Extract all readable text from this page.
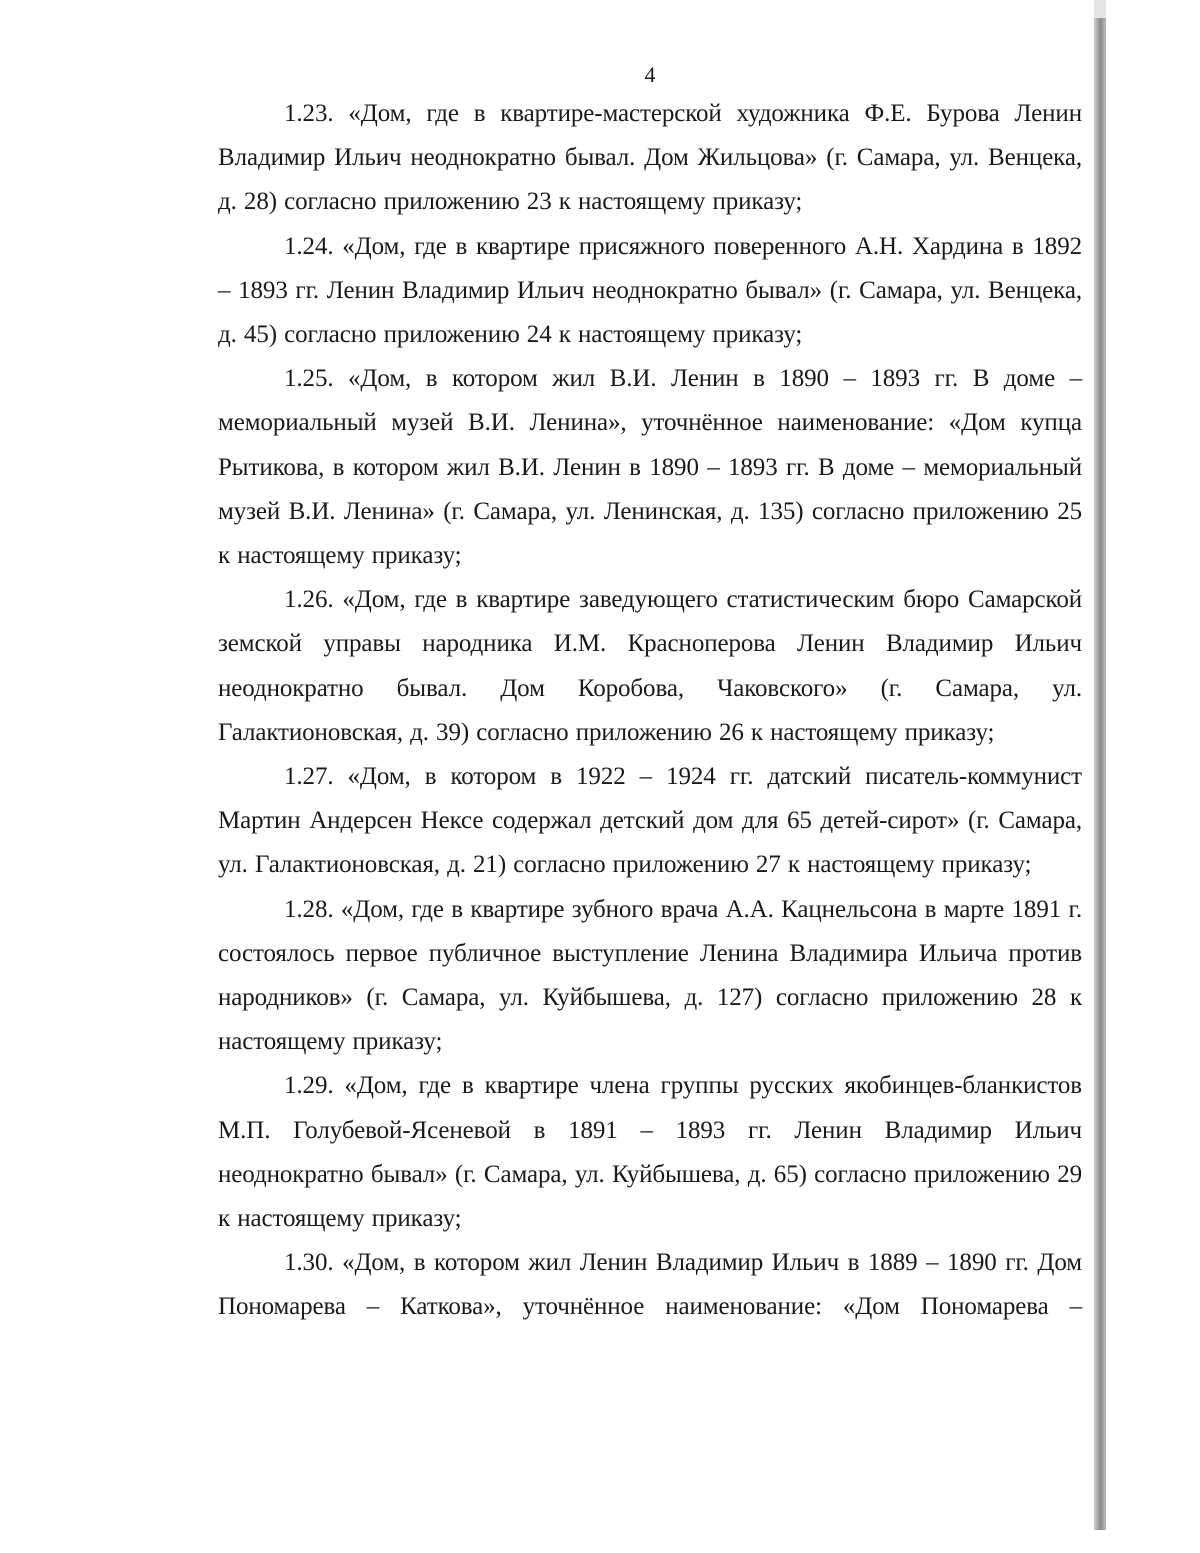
4

1.23. «Дом, где в квартире-мастерской художника Ф.Е. Бурова Ленин Владимир Ильич неоднократно бывал. Дом Жильцова» (г. Самара, ул. Венцека, д. 28) согласно приложению 23 к настоящему приказу;

1.24. «Дом, где в квартире присяжного поверенного А.Н. Хардина в 1892 – 1893 гг. Ленин Владимир Ильич неоднократно бывал» (г. Самара, ул. Венцека, д. 45) согласно приложению 24 к настоящему приказу;

1.25. «Дом, в котором жил В.И. Ленин в 1890 – 1893 гг. В доме – мемориальный музей В.И. Ленина», уточнённое наименование: «Дом купца Рытикова, в котором жил В.И. Ленин в 1890 – 1893 гг. В доме – мемориальный музей В.И. Ленина» (г. Самара, ул. Ленинская, д. 135) согласно приложению 25 к настоящему приказу;

1.26. «Дом, где в квартире заведующего статистическим бюро Самарской земской управы народника И.М. Красноперова Ленин Владимир Ильич неоднократно бывал. Дом Коробова, Чаковского» (г. Самара, ул. Галактионовская, д. 39) согласно приложению 26 к настоящему приказу;

1.27. «Дом, в котором в 1922 – 1924 гг. датский писатель-коммунист Мартин Андерсен Нексе содержал детский дом для 65 детей-сирот» (г. Самара, ул. Галактионовская, д. 21) согласно приложению 27 к настоящему приказу;

1.28. «Дом, где в квартире зубного врача А.А. Кацнельсона в марте 1891 г. состоялось первое публичное выступление Ленина Владимира Ильича против народников» (г. Самара, ул. Куйбышева, д. 127) согласно приложению 28 к настоящему приказу;

1.29. «Дом, где в квартире члена группы русских якобинцев-бланкистов М.П. Голубевой-Ясеневой в 1891 – 1893 гг. Ленин Владимир Ильич неоднократно бывал» (г. Самара, ул. Куйбышева, д. 65) согласно приложению 29 к настоящему приказу;

1.30. «Дом, в котором жил Ленин Владимир Ильич в 1889 – 1890 гг. Дом Пономарева – Каткова», уточнённое наименование: «Дом Пономарева –
